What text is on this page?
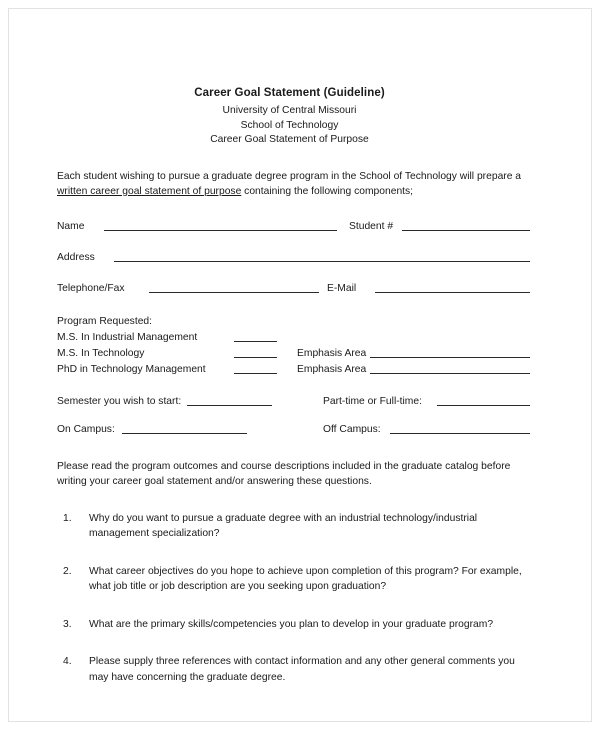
Career Goal Statement (Guideline)
University of Central Missouri
School of Technology
Career Goal Statement of Purpose

Each student wishing to pursue a graduate degree program in the School of Technology will prepare a written career goal statement of purpose containing the following components;

Name	Student #
Address
Telephone/Fax	E-Mail
Program Requested:
M.S. In Industrial Management
M.S. In Technology	Emphasis Area
PhD in Technology Management	Emphasis Area
Semester you wish to start:	Part-time or Full-time:
On Campus:	Off Campus:

Please read the program outcomes and course descriptions included in the graduate catalog before writing your career goal statement and/or answering these questions.

1. Why do you want to pursue a graduate degree with an industrial technology/industrial management specialization?
2. What career objectives do you hope to achieve upon completion of this program? For example, what job title or job description are you seeking upon graduation?
3. What are the primary skills/competencies you plan to develop in your graduate program?
4. Please supply three references with contact information and any other general comments you may have concerning the graduate degree.
